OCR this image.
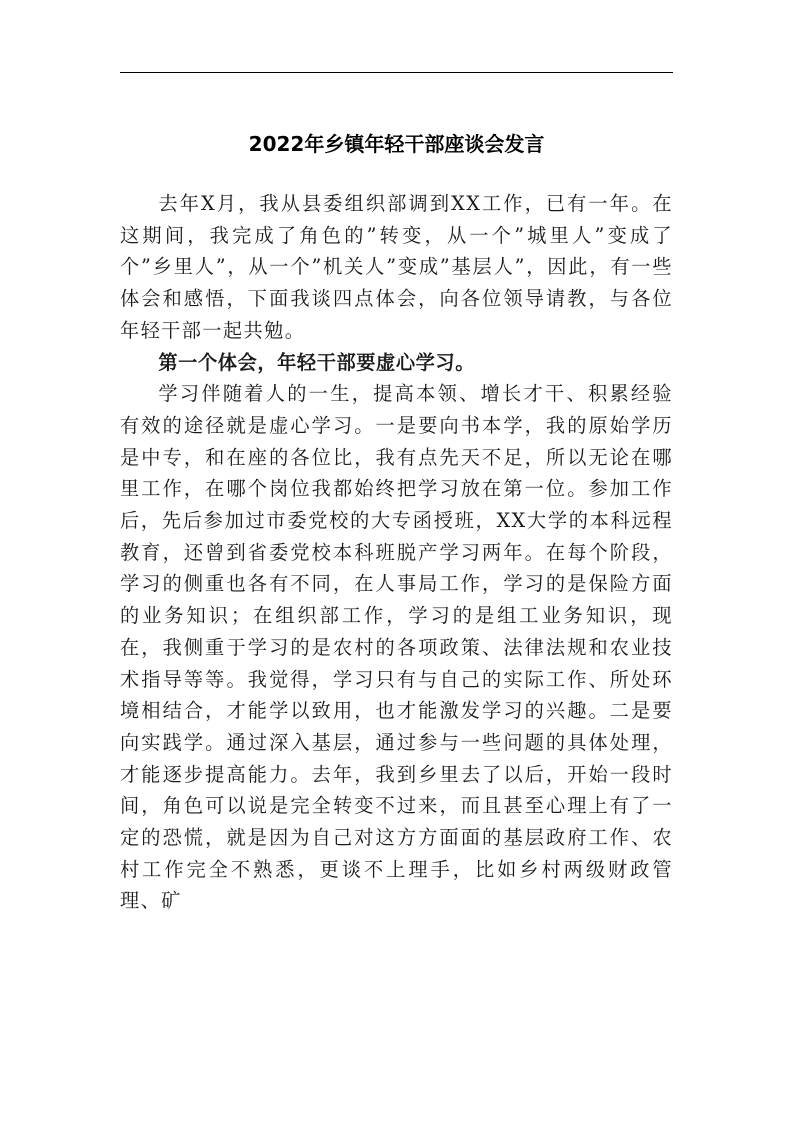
2022年乡镇年轻干部座谈会发言

去年X月，我从县委组织部调到XX工作，已有一年。在这期间，我完成了角色的”转变，从一个”城里人”变成了个”乡里人”，从一个”机关人”变成”基层人”，因此，有一些体会和感悟，下面我谈四点体会，向各位领导请教，与各位年轻干部一起共勉。

第一个体会，年轻干部要虚心学习。

学习伴随着人的一生，提高本领、增长才干、积累经验有效的途径就是虚心学习。一是要向书本学，我的原始学历是中专，和在座的各位比，我有点先天不足，所以无论在哪里工作，在哪个岗位我都始终把学习放在第一位。参加工作后，先后参加过市委党校的大专函授班，XX大学的本科远程教育，还曾到省委党校本科班脱产学习两年。在每个阶段，学习的侧重也各有不同，在人事局工作，学习的是保险方面的业务知识；在组织部工作，学习的是组工业务知识，现在，我侧重于学习的是农村的各项政策、法律法规和农业技术指导等等。我觉得，学习只有与自己的实际工作、所处环境相结合，才能学以致用，也才能激发学习的兴趣。二是要向实践学。通过深入基层，通过参与一些问题的具体处理，才能逐步提高能力。去年，我到乡里去了以后，开始一段时间，角色可以说是完全转变不过来，而且甚至心理上有了一定的恐慌，就是因为自己对这方方面面的基层政府工作、农村工作完全不熟悉，更谈不上理手，比如乡村两级财政管理、矿
